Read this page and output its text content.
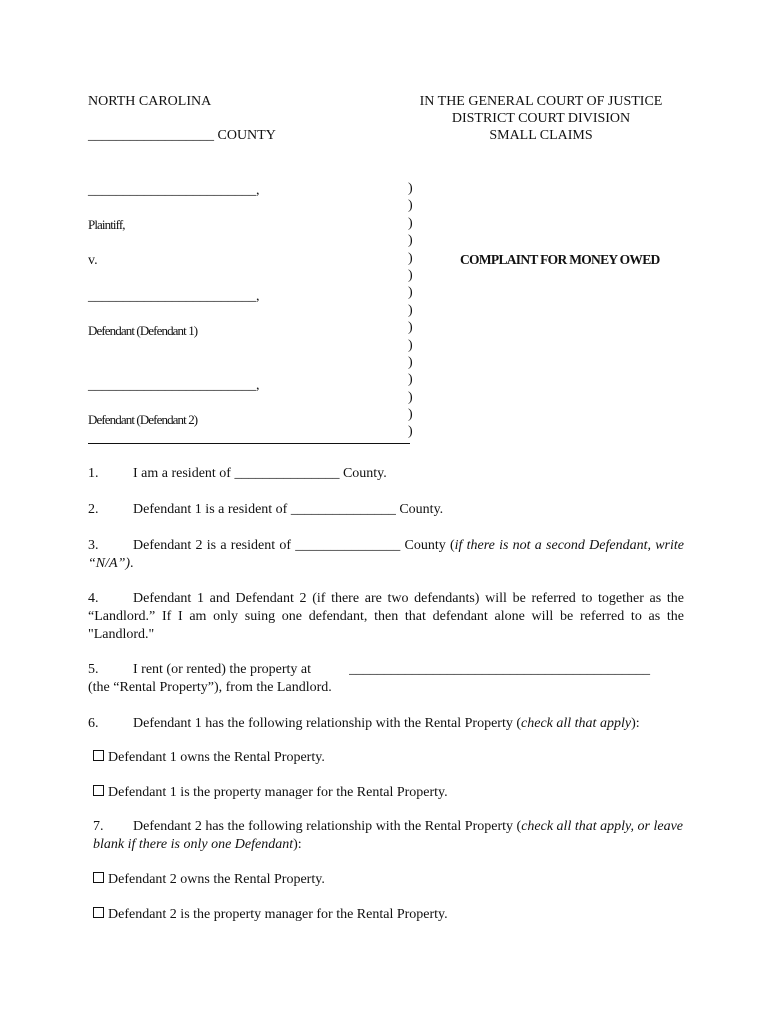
NORTH CAROLINA
__________________ COUNTY
IN THE GENERAL COURT OF JUSTICE
DISTRICT COURT DIVISION
SMALL CLAIMS
________________________,
Plaintiff,
v.
________________________,
Defendant (Defendant 1)
________________________,
Defendant (Defendant 2)
)
)
)
)
)
)
)
)
)
)
)
)
)
)
)
COMPLAINT FOR MONEY OWED
1. I am a resident of _______________ County.
2. Defendant 1 is a resident of _______________ County.
3. Defendant 2 is a resident of _______________ County (if there is not a second Defendant, write “N/A”).
4. Defendant 1 and Defendant 2 (if there are two defendants) will be referred to together as the “Landlord.” If I am only suing one defendant, then that defendant alone will be referred to as the "Landlord."
5. I rent (or rented) the property at	___________________________________________
(the “Rental Property”), from the Landlord.
6. Defendant 1 has the following relationship with the Rental Property (check all that apply):
Defendant 1 owns the Rental Property.
Defendant 1 is the property manager for the Rental Property.
7. Defendant 2 has the following relationship with the Rental Property (check all that apply, or leave blank if there is only one Defendant):
Defendant 2 owns the Rental Property.
Defendant 2 is the property manager for the Rental Property.
